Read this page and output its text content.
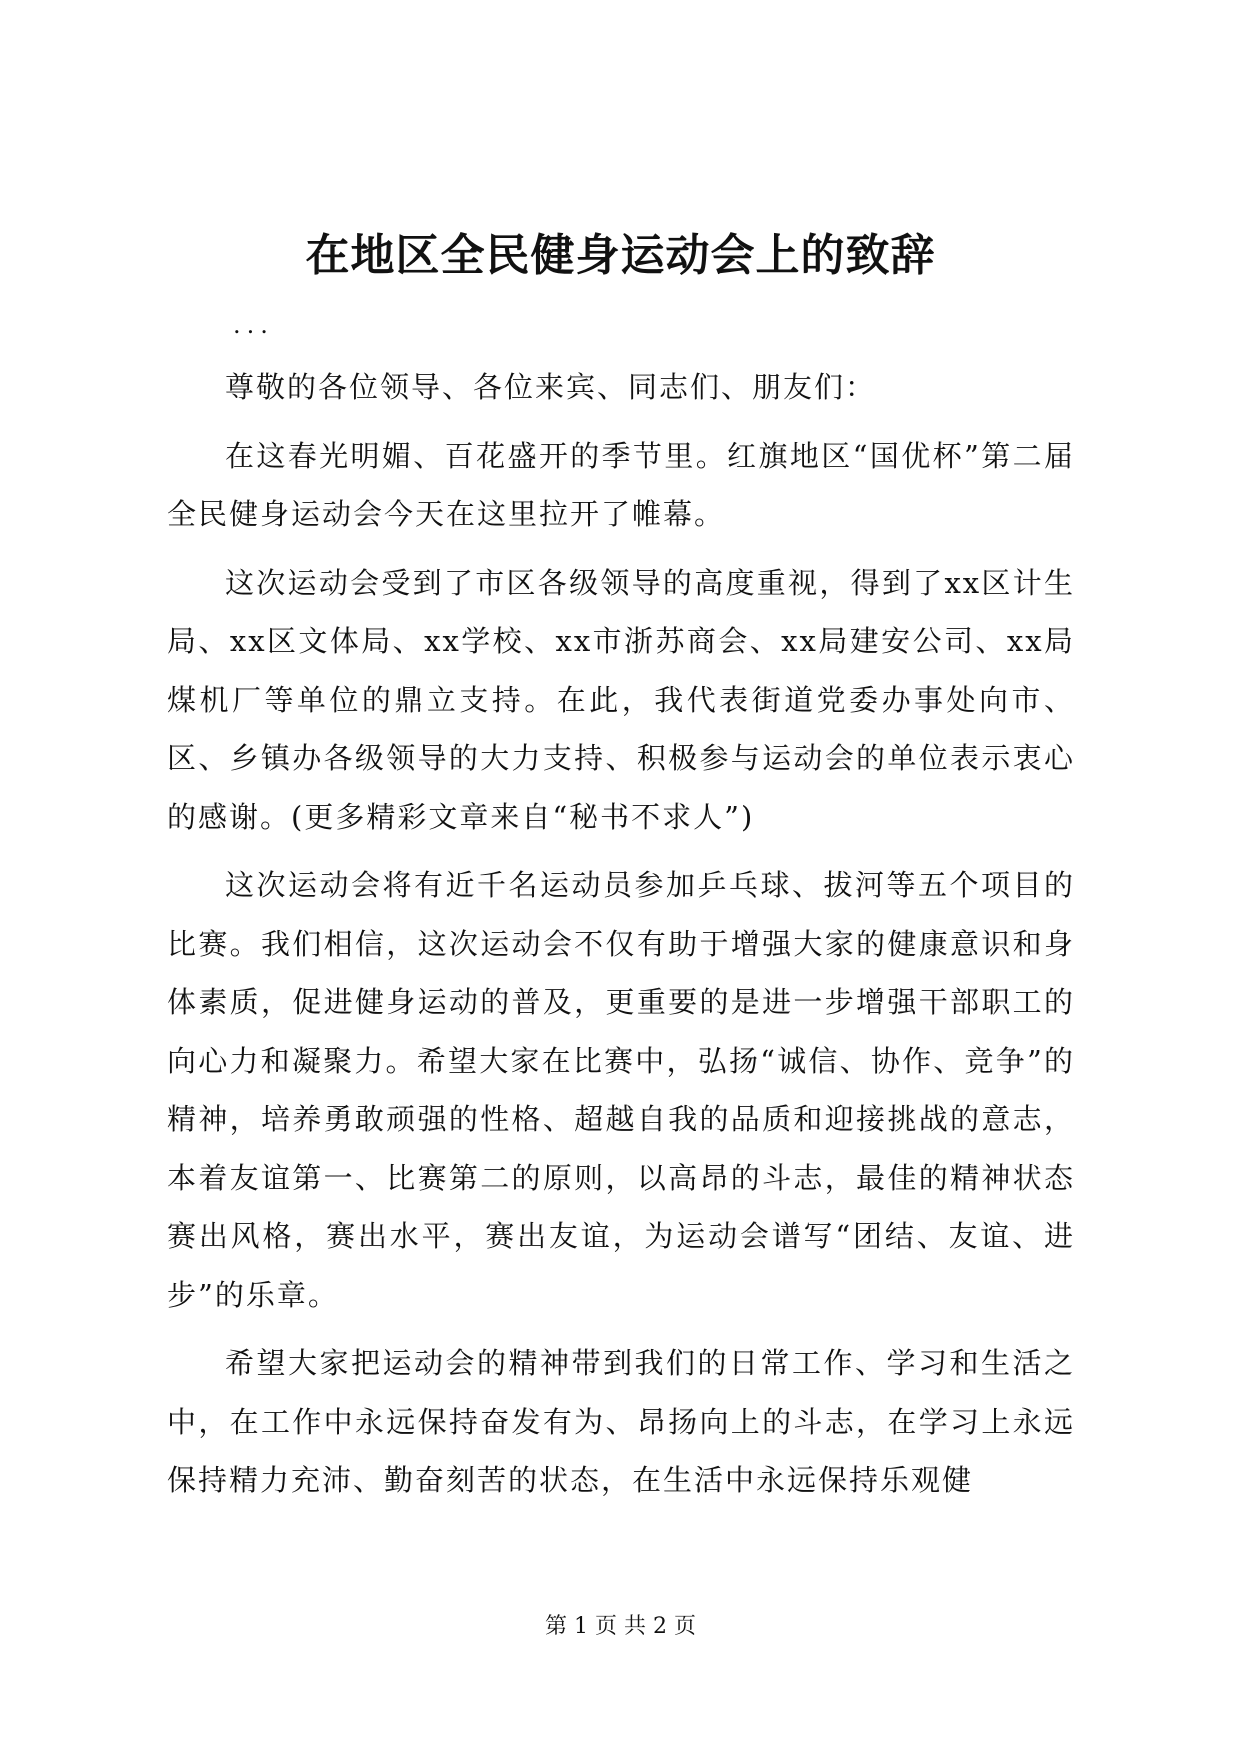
在地区全民健身运动会上的致辞
...

尊敬的各位领导、各位来宾、同志们、朋友们：

在这春光明媚、百花盛开的季节里。红旗地区“国优杯”第二届全民健身运动会今天在这里拉开了帷幕。

这次运动会受到了市区各级领导的高度重视，得到了xx区计生局、xx区文体局、xx学校、xx市浙苏商会、xx局建安公司、xx局煤机厂等单位的鼎立支持。在此，我代表街道党委办事处向市、区、乡镇办各级领导的大力支持、积极参与运动会的单位表示衷心的感谢。(更多精彩文章来自“秘书不求人”)

这次运动会将有近千名运动员参加乒乓球、拔河等五个项目的比赛。我们相信，这次运动会不仅有助于增强大家的健康意识和身体素质，促进健身运动的普及，更重要的是进一步增强干部职工的向心力和凝聚力。希望大家在比赛中，弘扬“诚信、协作、竞争”的精神，培养勇敢顽强的性格、超越自我的品质和迎接挑战的意志，本着友谊第一、比赛第二的原则，以高昂的斗志，最佳的精神状态赛出风格，赛出水平，赛出友谊，为运动会谱写“团结、友谊、进步”的乐章。

希望大家把运动会的精神带到我们的日常工作、学习和生活之中，在工作中永远保持奋发有为、昂扬向上的斗志，在学习上永远保持精力充沛、勤奋刻苦的状态，在生活中永远保持乐观健

第 1 页 共 2 页
